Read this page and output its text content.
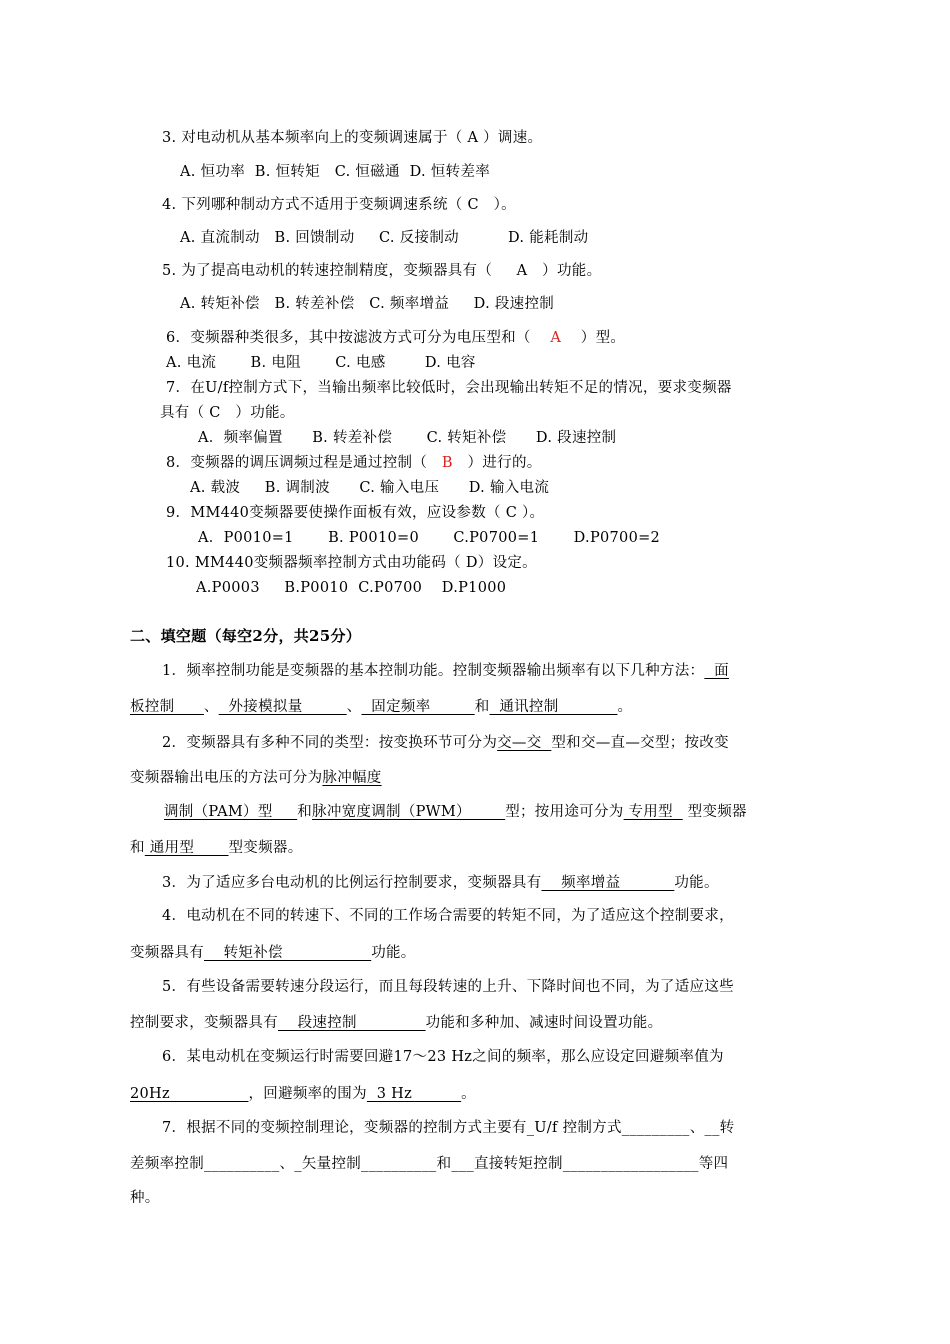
3. 对电动机从基本频率向上的变频调速属于（ A ）调速。
A. 恒功率  B. 恒转矩   C. 恒磁通  D. 恒转差率
4. 下列哪种制动方式不适用于变频调速系统（ C   ）。
A. 直流制动   B. 回馈制动     C. 反接制动          D. 能耗制动
5. 为了提高电动机的转速控制精度，变频器具有（     A   ）功能。
A. 转矩补偿   B. 转差补偿   C. 频率增益     D. 段速控制
6．变频器种类很多，其中按滤波方式可分为电压型和（    A    ）型。
A. 电流       B. 电阻       C. 电感        D. 电容
7．在U/f控制方式下，当输出频率比较低时，会出现输出转矩不足的情况，要求变频器
具有（ C   ）功能。
A．频率偏置      B. 转差补偿       C. 转矩补偿      D. 段速控制
8．变频器的调压调频过程是通过控制（   B   ）进行的。
A. 载波     B. 调制波      C. 输入电压      D. 输入电流
9．MM440变频器要使操作面板有效，应设参数（ C ）。
A．P0010=1       B. P0010=0       C.P0700=1       D.P0700=2
10. MM440变频器频率控制方式由功能码（ D）设定。
A.P0003     B.P0010  C.P0700    D.P1000
二、填空题（每空2分，共25分）
1．频率控制功能是变频器的基本控制功能。控制变频器输出频率有以下几种方法：  面
板控制      、  外接模拟量         、  固定频率         和  通讯控制            。
2．变频器具有多种不同的类型：按变换环节可分为交—交  型和交—直—交型；按改变
变频器输出电压的方法可分为脉冲幅度
调制（PAM）型     和脉冲宽度调制（PWM）       型；按用途可分为 专用型   型变频器
和 通用型       型变频器。
3．为了适应多台电动机的比例运行控制要求，变频器具有    频率增益           功能。
4．电动机在不同的转速下、不同的工作场合需要的转矩不同，为了适应这个控制要求，
变频器具有    转矩补偿                  功能。
5．有些设备需要转速分段运行，而且每段转速的上升、下降时间也不同，为了适应这些
控制要求，变频器具有    段速控制              功能和多种加、减速时间设置功能。
6．某电动机在变频运行时需要回避17～23 Hz之间的频率，那么应设定回避频率值为
20Hz                ，回避频率的围为  3 Hz          。
7．根据不同的变频控制理论，变频器的控制方式主要有_U/f 控制方式_________、__转
差频率控制__________、_矢量控制__________和___直接转矩控制__________________等四
种。
